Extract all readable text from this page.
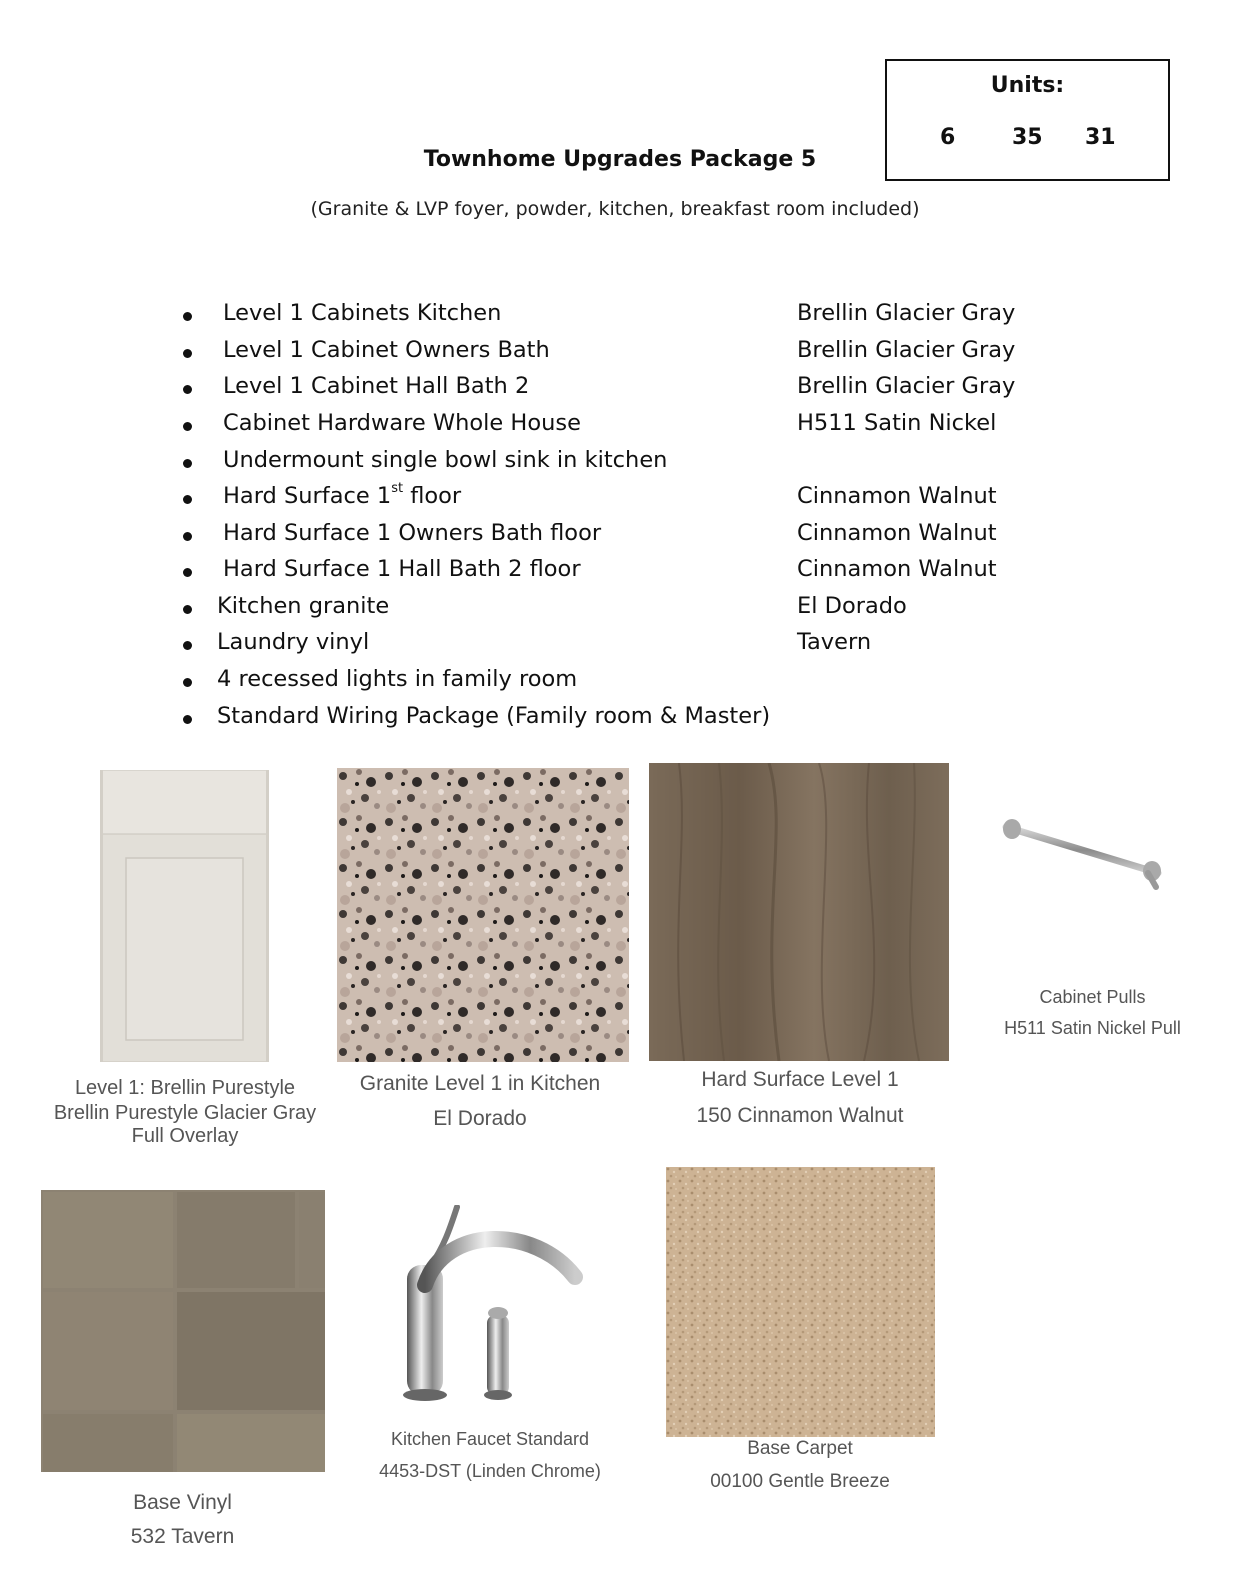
Units:
6	35 31
Townhome Upgrades Package 5
(Granite & LVP foyer, powder, kitchen, breakfast room included)
Level 1 Cabinets Kitchen	Brellin Glacier Gray
Level 1 Cabinet Owners Bath	Brellin Glacier Gray
Level 1 Cabinet Hall Bath 2	Brellin Glacier Gray
Cabinet Hardware Whole House	H511 Satin Nickel
Undermount single bowl sink in kitchen
Hard Surface 1st floor	Cinnamon Walnut
Hard Surface 1 Owners Bath floor	Cinnamon Walnut
Hard Surface 1 Hall Bath 2 floor	Cinnamon Walnut
Kitchen granite	El Dorado
Laundry vinyl	Tavern
4 recessed lights in family room
Standard Wiring Package (Family room & Master)
Level 1: Brellin Purestyle
Brellin Purestyle Glacier Gray
Full Overlay
Granite Level 1 in Kitchen
El Dorado
Hard Surface Level 1
150 Cinnamon Walnut
Cabinet Pulls
H511 Satin Nickel Pull
Base Vinyl
532 Tavern
Kitchen Faucet Standard
4453-DST (Linden Chrome)
Base Carpet
00100 Gentle Breeze
